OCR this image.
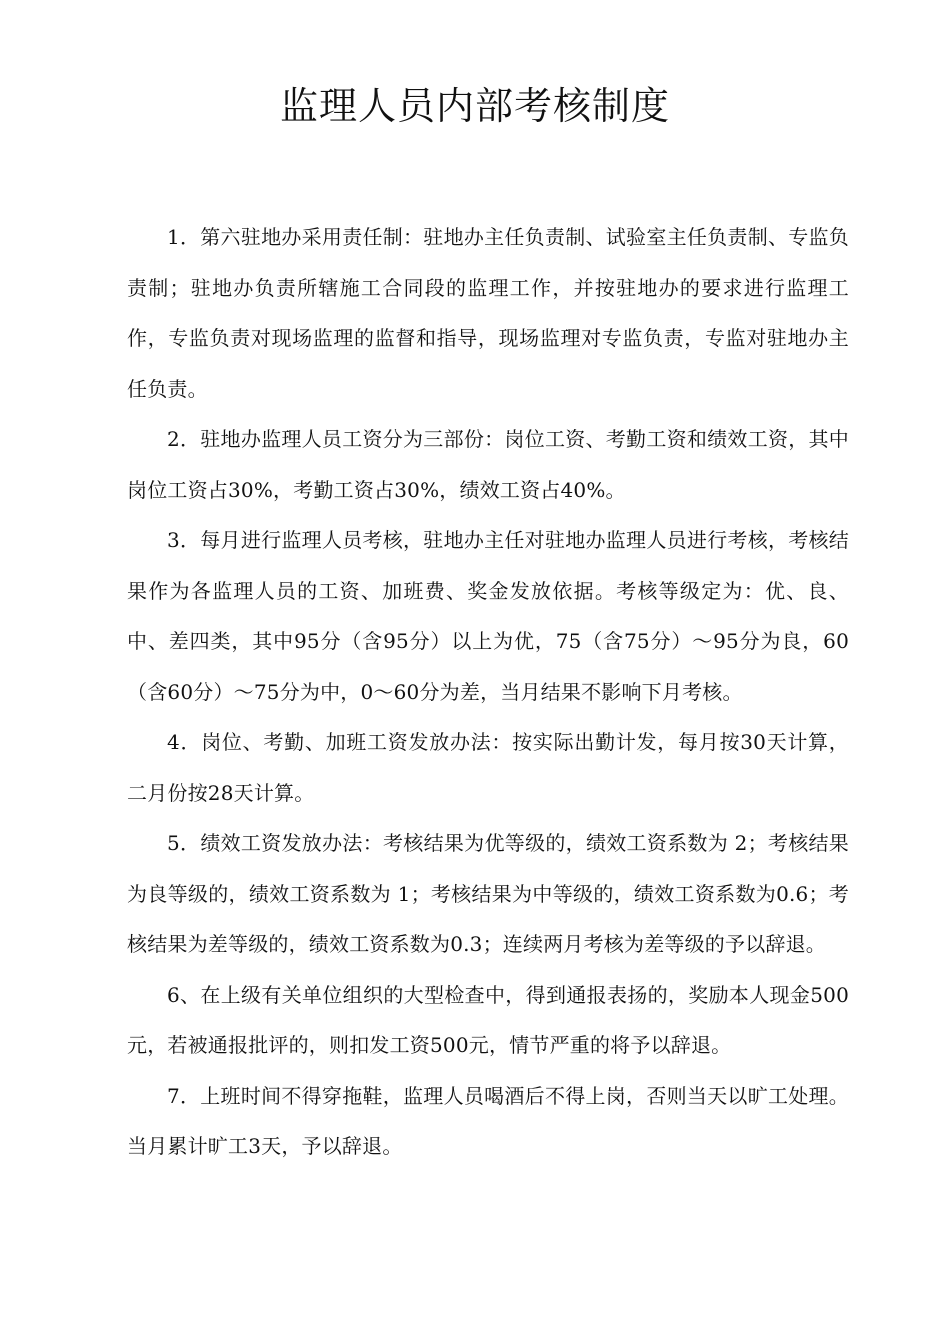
监理人员内部考核制度

1．第六驻地办采用责任制：驻地办主任负责制、试验室主任负责制、专监负责制；驻地办负责所辖施工合同段的监理工作，并按驻地办的要求进行监理工作，专监负责对现场监理的监督和指导，现场监理对专监负责，专监对驻地办主任负责。

2．驻地办监理人员工资分为三部份：岗位工资、考勤工资和绩效工资，其中岗位工资占30%，考勤工资占30%，绩效工资占40%。

3．每月进行监理人员考核，驻地办主任对驻地办监理人员进行考核，考核结果作为各监理人员的工资、加班费、奖金发放依据。考核等级定为：优、良、中、差四类，其中95分（含95分）以上为优，75（含75分）～95分为良，60（含60分）～75分为中，0～60分为差，当月结果不影响下月考核。

4．岗位、考勤、加班工资发放办法：按实际出勤计发，每月按30天计算，二月份按28天计算。

5．绩效工资发放办法：考核结果为优等级的，绩效工资系数为 2；考核结果为良等级的，绩效工资系数为 1；考核结果为中等级的，绩效工资系数为0.6；考核结果为差等级的，绩效工资系数为0.3；连续两月考核为差等级的予以辞退。

6、在上级有关单位组织的大型检查中，得到通报表扬的，奖励本人现金500元，若被通报批评的，则扣发工资500元，情节严重的将予以辞退。

7．上班时间不得穿拖鞋，监理人员喝酒后不得上岗，否则当天以旷工处理。当月累计旷工3天，予以辞退。
